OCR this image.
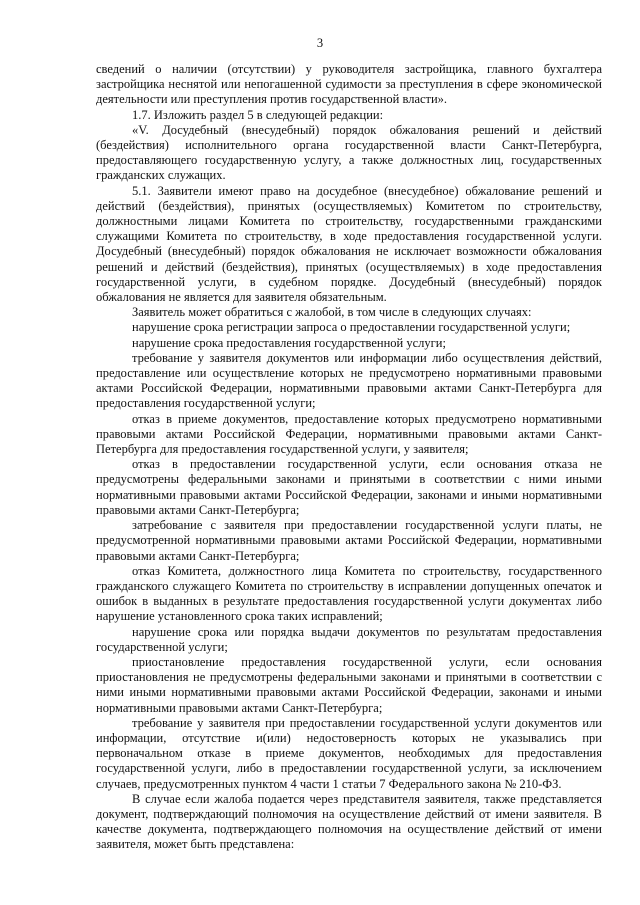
3

сведений о наличии (отсутствии) у руководителя застройщика, главного бухгалтера застройщика неснятой или непогашенной судимости за преступления в сфере экономической деятельности или преступления против государственной власти».

1.7. Изложить раздел 5 в следующей редакции:

«V. Досудебный (внесудебный) порядок обжалования решений и действий (бездействия) исполнительного органа государственной власти Санкт-Петербурга, предоставляющего государственную услугу, а также должностных лиц, государственных гражданских служащих.

5.1. Заявители имеют право на досудебное (внесудебное) обжалование решений и действий (бездействия), принятых (осуществляемых) Комитетом по строительству, должностными лицами Комитета по строительству, государственными гражданскими служащими Комитета по строительству, в ходе предоставления государственной услуги. Досудебный (внесудебный) порядок обжалования не исключает возможности обжалования решений и действий (бездействия), принятых (осуществляемых) в ходе предоставления государственной услуги, в судебном порядке. Досудебный (внесудебный) порядок обжалования не является для заявителя обязательным.

Заявитель может обратиться с жалобой, в том числе в следующих случаях:

нарушение срока регистрации запроса о предоставлении государственной услуги;

нарушение срока предоставления государственной услуги;

требование у заявителя документов или информации либо осуществления действий, предоставление или осуществление которых не предусмотрено нормативными правовыми актами Российской Федерации, нормативными правовыми актами Санкт-Петербурга для предоставления государственной услуги;

отказ в приеме документов, предоставление которых предусмотрено нормативными правовыми актами Российской Федерации, нормативными правовыми актами Санкт-Петербурга для предоставления государственной услуги, у заявителя;

отказ в предоставлении государственной услуги, если основания отказа не предусмотрены федеральными законами и принятыми в соответствии с ними иными нормативными правовыми актами Российской Федерации, законами и иными нормативными правовыми актами Санкт-Петербурга;

затребование с заявителя при предоставлении государственной услуги платы, не предусмотренной нормативными правовыми актами Российской Федерации, нормативными правовыми актами Санкт-Петербурга;

отказ Комитета, должностного лица Комитета по строительству, государственного гражданского служащего Комитета по строительству в исправлении допущенных опечаток и ошибок в выданных в результате предоставления государственной услуги документах либо нарушение установленного срока таких исправлений;

нарушение срока или порядка выдачи документов по результатам предоставления государственной услуги;

приостановление предоставления государственной услуги, если основания приостановления не предусмотрены федеральными законами и принятыми в соответствии с ними иными нормативными правовыми актами Российской Федерации, законами и иными нормативными правовыми актами Санкт-Петербурга;

требование у заявителя при предоставлении государственной услуги документов или информации, отсутствие и(или) недостоверность которых не указывались при первоначальном отказе в приеме документов, необходимых для предоставления государственной услуги, либо в предоставлении государственной услуги, за исключением случаев, предусмотренных пунктом 4 части 1 статьи 7 Федерального закона № 210-ФЗ.

В случае если жалоба подается через представителя заявителя, также представляется документ, подтверждающий полномочия на осуществление действий от имени заявителя. В качестве документа, подтверждающего полномочия на осуществление действий от имени заявителя, может быть представлена:
